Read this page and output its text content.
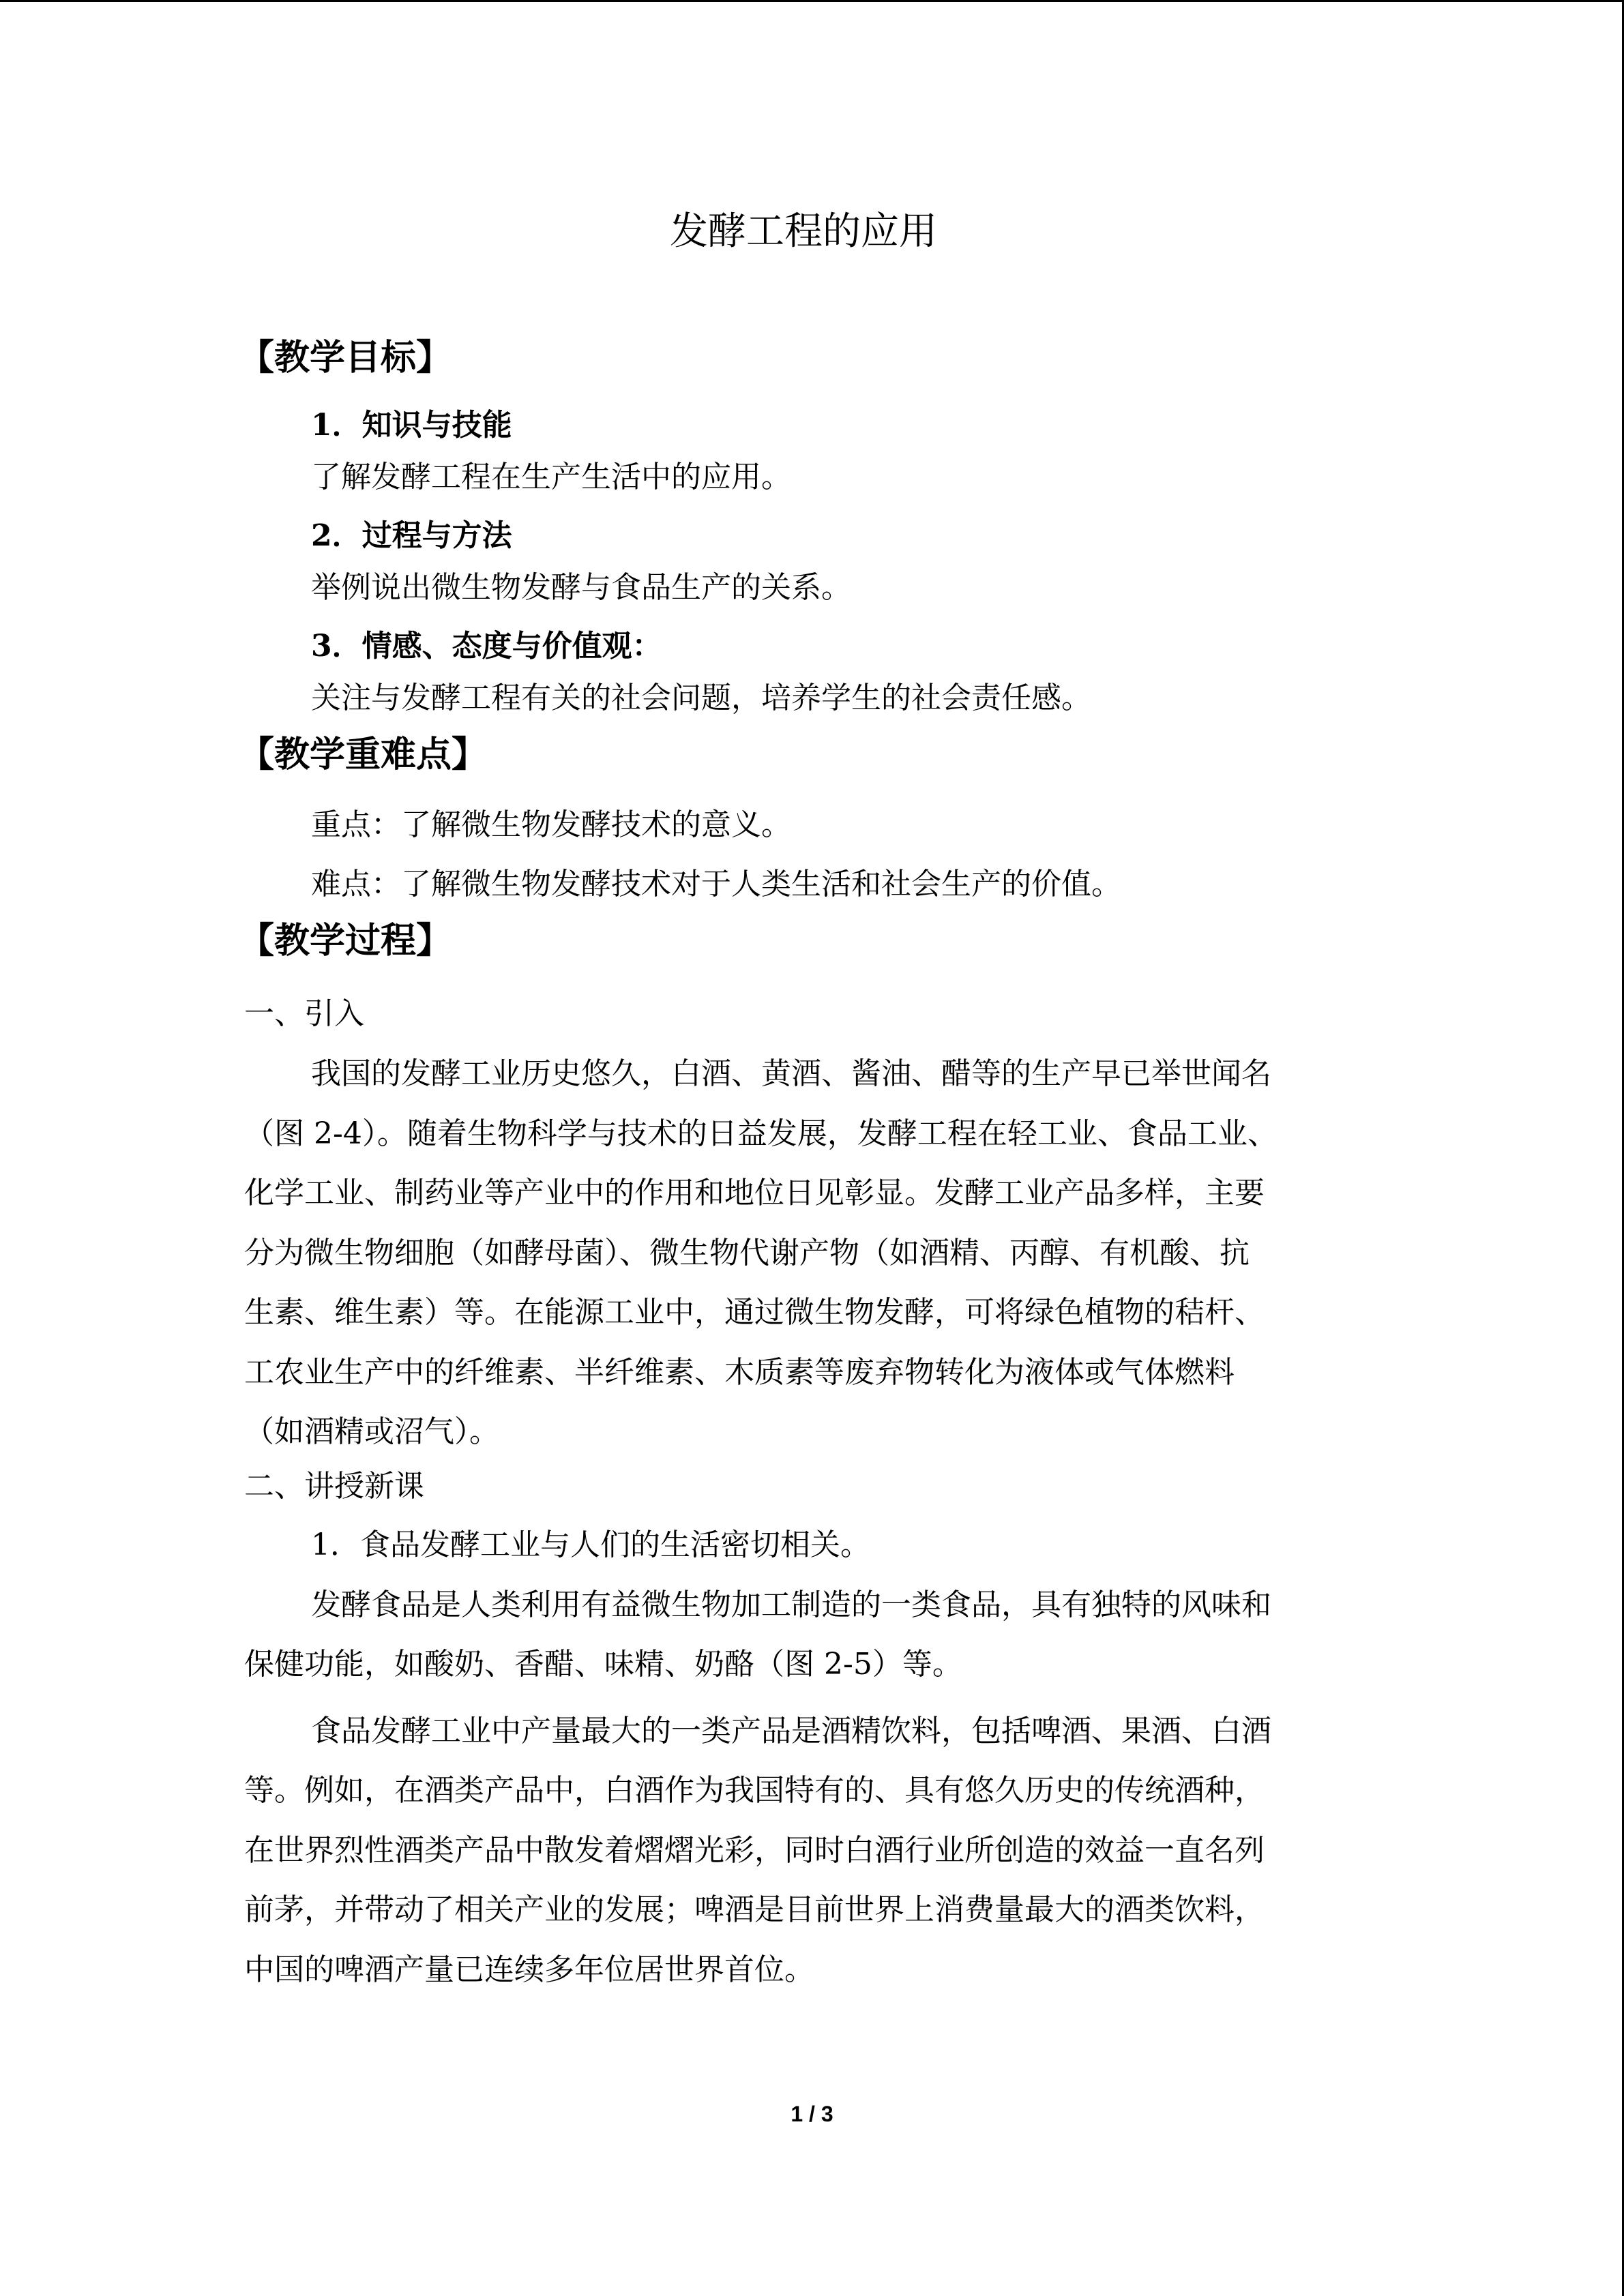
发酵工程的应用
【教学目标】
1．知识与技能
了解发酵工程在生产生活中的应用。
2．过程与方法
举例说出微生物发酵与食品生产的关系。
3．情感、态度与价值观：
关注与发酵工程有关的社会问题，培养学生的社会责任感。
【教学重难点】
重点：了解微生物发酵技术的意义。
难点：了解微生物发酵技术对于人类生活和社会生产的价值。
【教学过程】
一、引入
我国的发酵工业历史悠久，白酒、黄酒、酱油、醋等的生产早已举世闻名
（图 2-4）。随着生物科学与技术的日益发展，发酵工程在轻工业、食品工业、
化学工业、制药业等产业中的作用和地位日见彰显。发酵工业产品多样，主要
分为微生物细胞（如酵母菌）、微生物代谢产物（如酒精、丙醇、有机酸、抗
生素、维生素）等。在能源工业中，通过微生物发酵，可将绿色植物的秸杆、
工农业生产中的纤维素、半纤维素、木质素等废弃物转化为液体或气体燃料
（如酒精或沼气）。
二、讲授新课
1．食品发酵工业与人们的生活密切相关。
发酵食品是人类利用有益微生物加工制造的一类食品，具有独特的风味和
保健功能，如酸奶、香醋、味精、奶酪（图 2-5）等。
食品发酵工业中产量最大的一类产品是酒精饮料，包括啤酒、果酒、白酒
等。例如，在酒类产品中，白酒作为我国特有的、具有悠久历史的传统酒种，
在世界烈性酒类产品中散发着熠熠光彩，同时白酒行业所创造的效益一直名列
前茅，并带动了相关产业的发展；啤酒是目前世界上消费量最大的酒类饮料，
中国的啤酒产量已连续多年位居世界首位。
1 / 3
